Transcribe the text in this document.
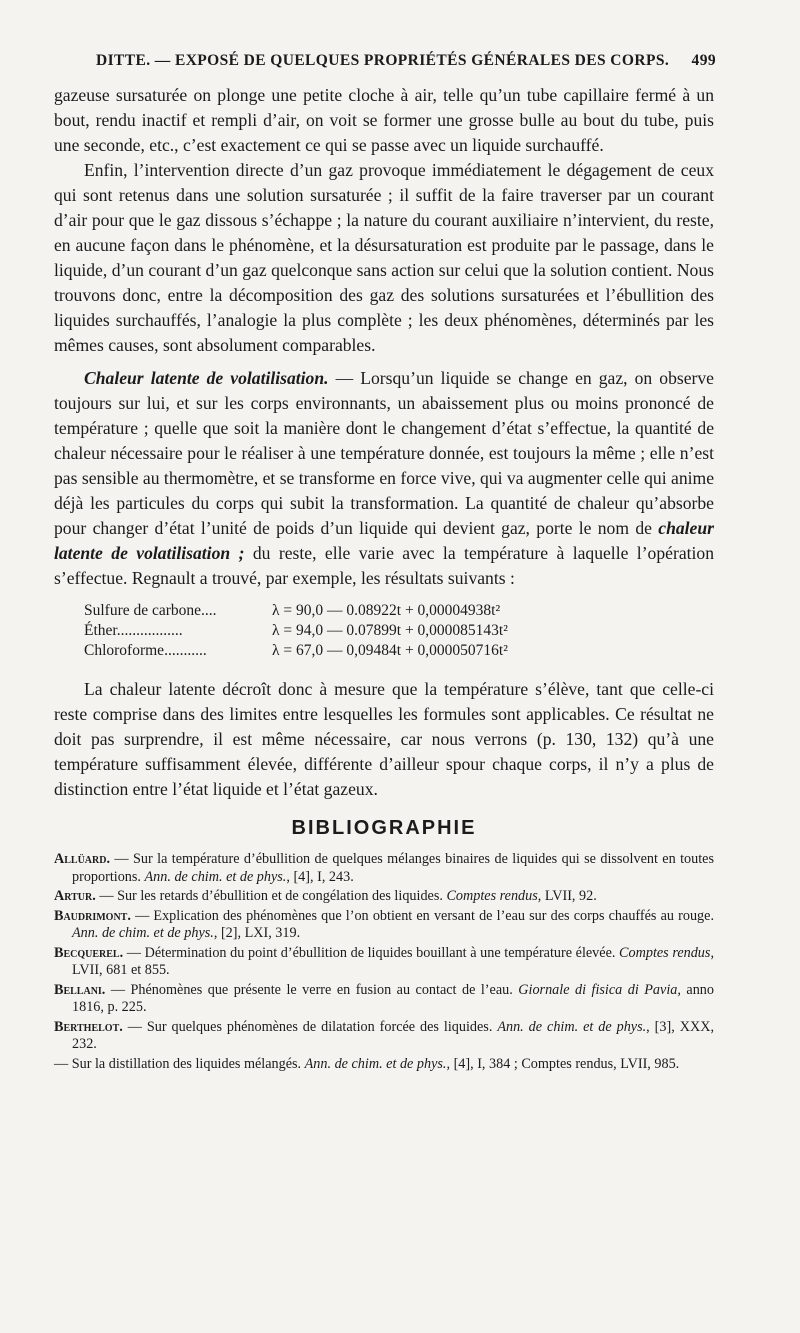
DITTE. — EXPOSÉ DE QUELQUES PROPRIÉTÉS GÉNÉRALES DES CORPS. 499

gazeuse sursaturée on plonge une petite cloche à air, telle qu’un tube capillaire fermé à un bout, rendu inactif et rempli d’air, on voit se former une grosse bulle au bout du tube, puis une seconde, etc., c’est exactement ce qui se passe avec un liquide surchauffé.

Enfin, l’intervention directe d’un gaz provoque immédiatement le dégagement de ceux qui sont retenus dans une solution sursaturée ; il suffit de la faire traverser par un courant d’air pour que le gaz dissous s’échappe ; la nature du courant auxiliaire n’intervient, du reste, en aucune façon dans le phénomène, et la désursaturation est produite par le passage, dans le liquide, d’un courant d’un gaz quelconque sans action sur celui que la solution contient. Nous trouvons donc, entre la décomposition des gaz des solutions sursaturées et l’ébullition des liquides surchauffés, l’analogie la plus complète ; les deux phénomènes, déterminés par les mêmes causes, sont absolument comparables.

Chaleur latente de volatilisation. — Lorsqu’un liquide se change en gaz, on observe toujours sur lui, et sur les corps environnants, un abaissement plus ou moins prononcé de température ; quelle que soit la manière dont le changement d’état s’effectue, la quantité de chaleur nécessaire pour le réaliser à une température donnée, est toujours la même ; elle n’est pas sensible au thermomètre, et se transforme en force vive, qui va augmenter celle qui anime déjà les particules du corps qui subit la transformation. La quantité de chaleur qu’absorbe pour changer d’état l’unité de poids d’un liquide qui devient gaz, porte le nom de chaleur latente de volatilisation ; du reste, elle varie avec la température à laquelle l’opération s’effectue. Regnault a trouvé, par exemple, les résultats suivants :

Sulfure de carbone....	λ = 90,0 — 0.08922t + 0,0000493​8t²
Éther.................	λ = 94,0 — 0.07899t + 0,000085143t²
Chloroforme...........	λ = 67,0 — 0,09484t + 0,0000507​16t²

La chaleur latente décroît donc à mesure que la température s’élève, tant que celle-ci reste comprise dans des limites entre lesquelles les formules sont applicables. Ce résultat ne doit pas surprendre, il est même nécessaire, car nous verrons (p. 130, 132) qu’à une température suffisamment élevée, différente d’ailleur spour chaque corps, il n’y a plus de distinction entre l’état liquide et l’état gazeux.

BIBLIOGRAPHIE

Allüard. — Sur la température d’ébullition de quelques mélanges binaires de liquides qui se dissolvent en toutes proportions. Ann. de chim. et de phys., [4], I, 243.

Artur. — Sur les retards d’ébullition et de congélation des liquides. Comptes rendus, LVII, 92.

Baudrimont. — Explication des phénomènes que l’on obtient en versant de l’eau sur des corps chauffés au rouge. Ann. de chim. et de phys., [2], LXI, 319.

Becquerel. — Détermination du point d’ébullition de liquides bouillant à une température élevée. Comptes rendus, LVII, 681 et 855.

Bellani. — Phénomènes que présente le verre en fusion au contact de l’eau. Giornale di fisica di Pavia, anno 1816, p. 225.

Berthelot. — Sur quelques phénomènes de dilatation forcée des liquides. Ann. de chim. et de phys., [3], XXX, 232.

— Sur la distillation des liquides mélangés. Ann. de chim. et de phys., [4], I, 384 ; Comptes rendus, LVII, 985.
